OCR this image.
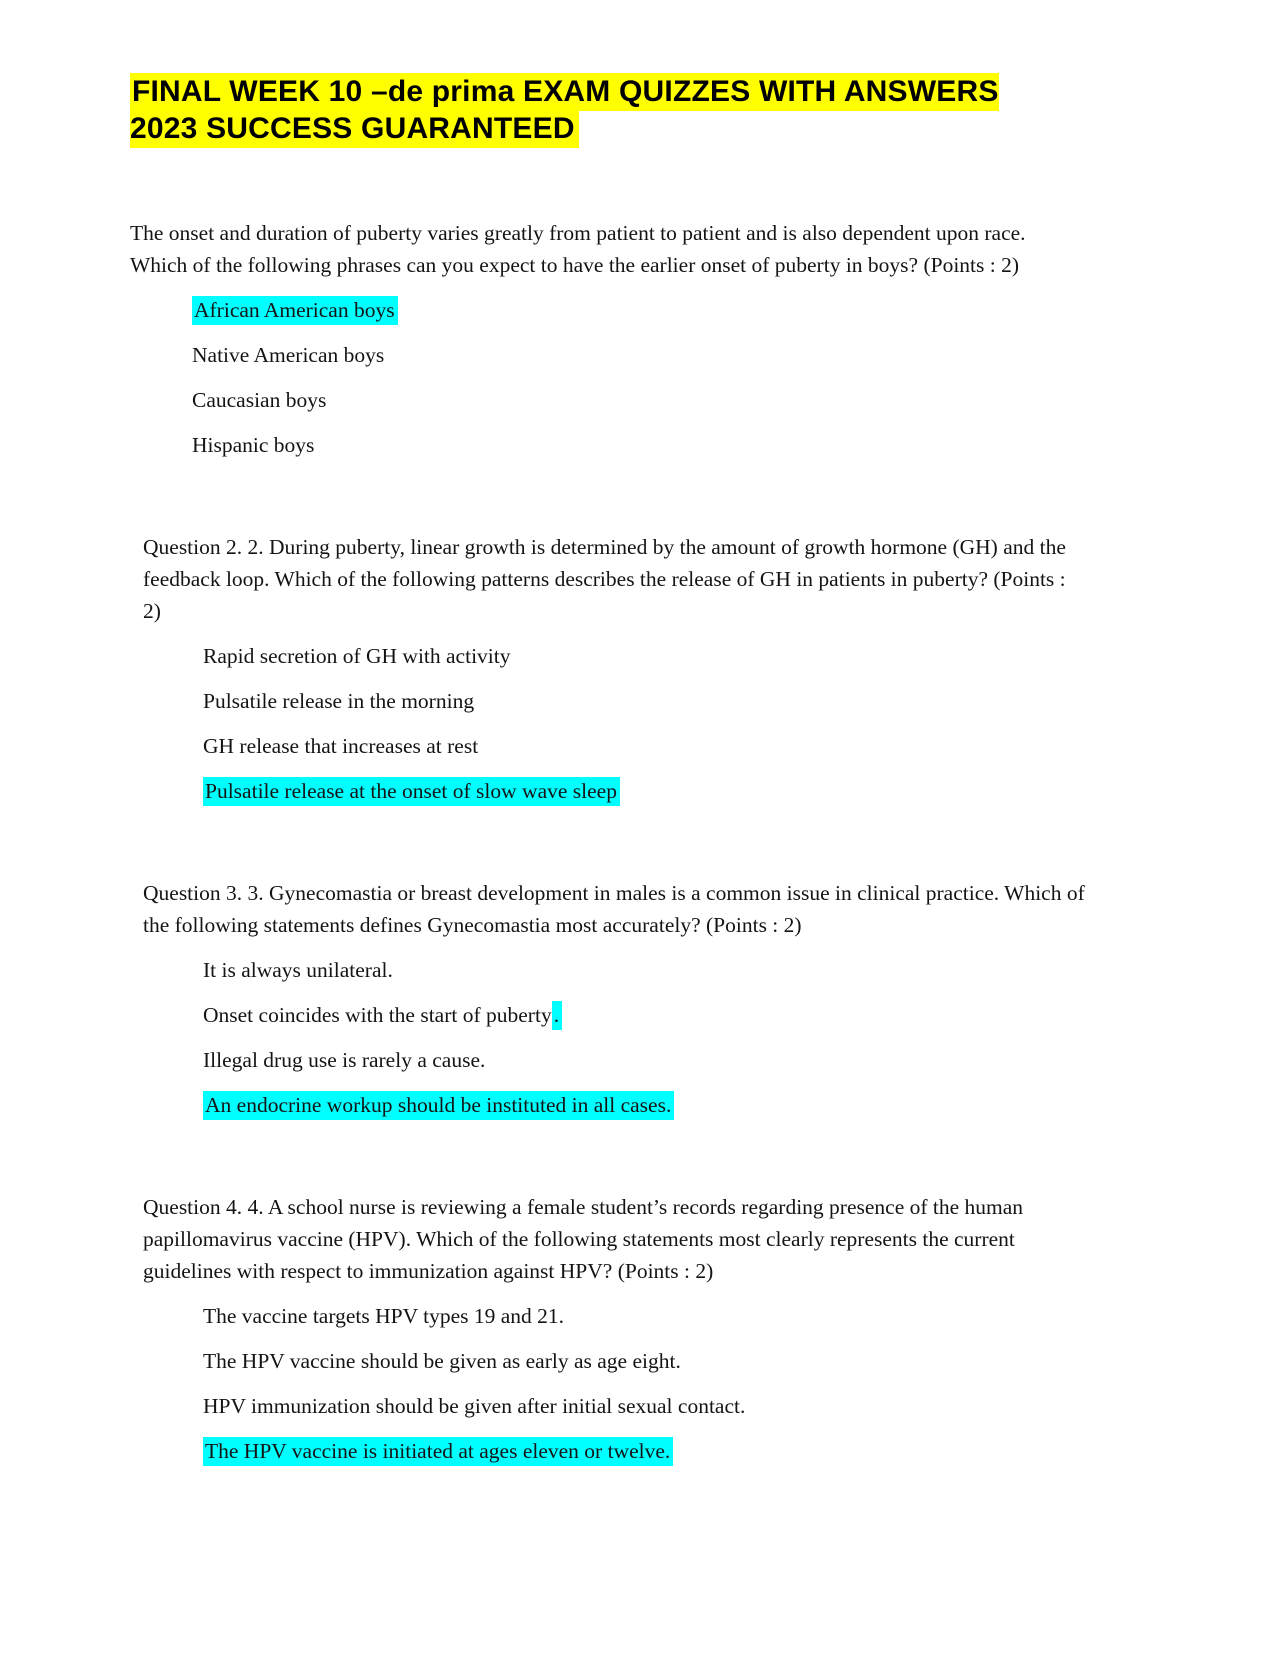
FINAL WEEK 10 –de prima EXAM QUIZZES WITH ANSWERS 2023 SUCCESS GUARANTEED

The onset and duration of puberty varies greatly from patient to patient and is also dependent upon race. Which of the following phrases can you expect to have the earlier onset of puberty in boys? (Points : 2)

African American boys

Native American boys

Caucasian boys

Hispanic boys

Question 2. 2. During puberty, linear growth is determined by the amount of growth hormone (GH) and the feedback loop. Which of the following patterns describes the release of GH in patients in puberty? (Points : 2)

Rapid secretion of GH with activity

Pulsatile release in the morning

GH release that increases at rest

Pulsatile release at the onset of slow wave sleep

Question 3. 3. Gynecomastia or breast development in males is a common issue in clinical practice. Which of the following statements defines Gynecomastia most accurately? (Points : 2)

It is always unilateral.

Onset coincides with the start of puberty.

Illegal drug use is rarely a cause.

An endocrine workup should be instituted in all cases.

Question 4. 4. A school nurse is reviewing a female student’s records regarding presence of the human papillomavirus vaccine (HPV). Which of the following statements most clearly represents the current guidelines with respect to immunization against HPV? (Points : 2)

The vaccine targets HPV types 19 and 21.

The HPV vaccine should be given as early as age eight.

HPV immunization should be given after initial sexual contact.

The HPV vaccine is initiated at ages eleven or twelve.
